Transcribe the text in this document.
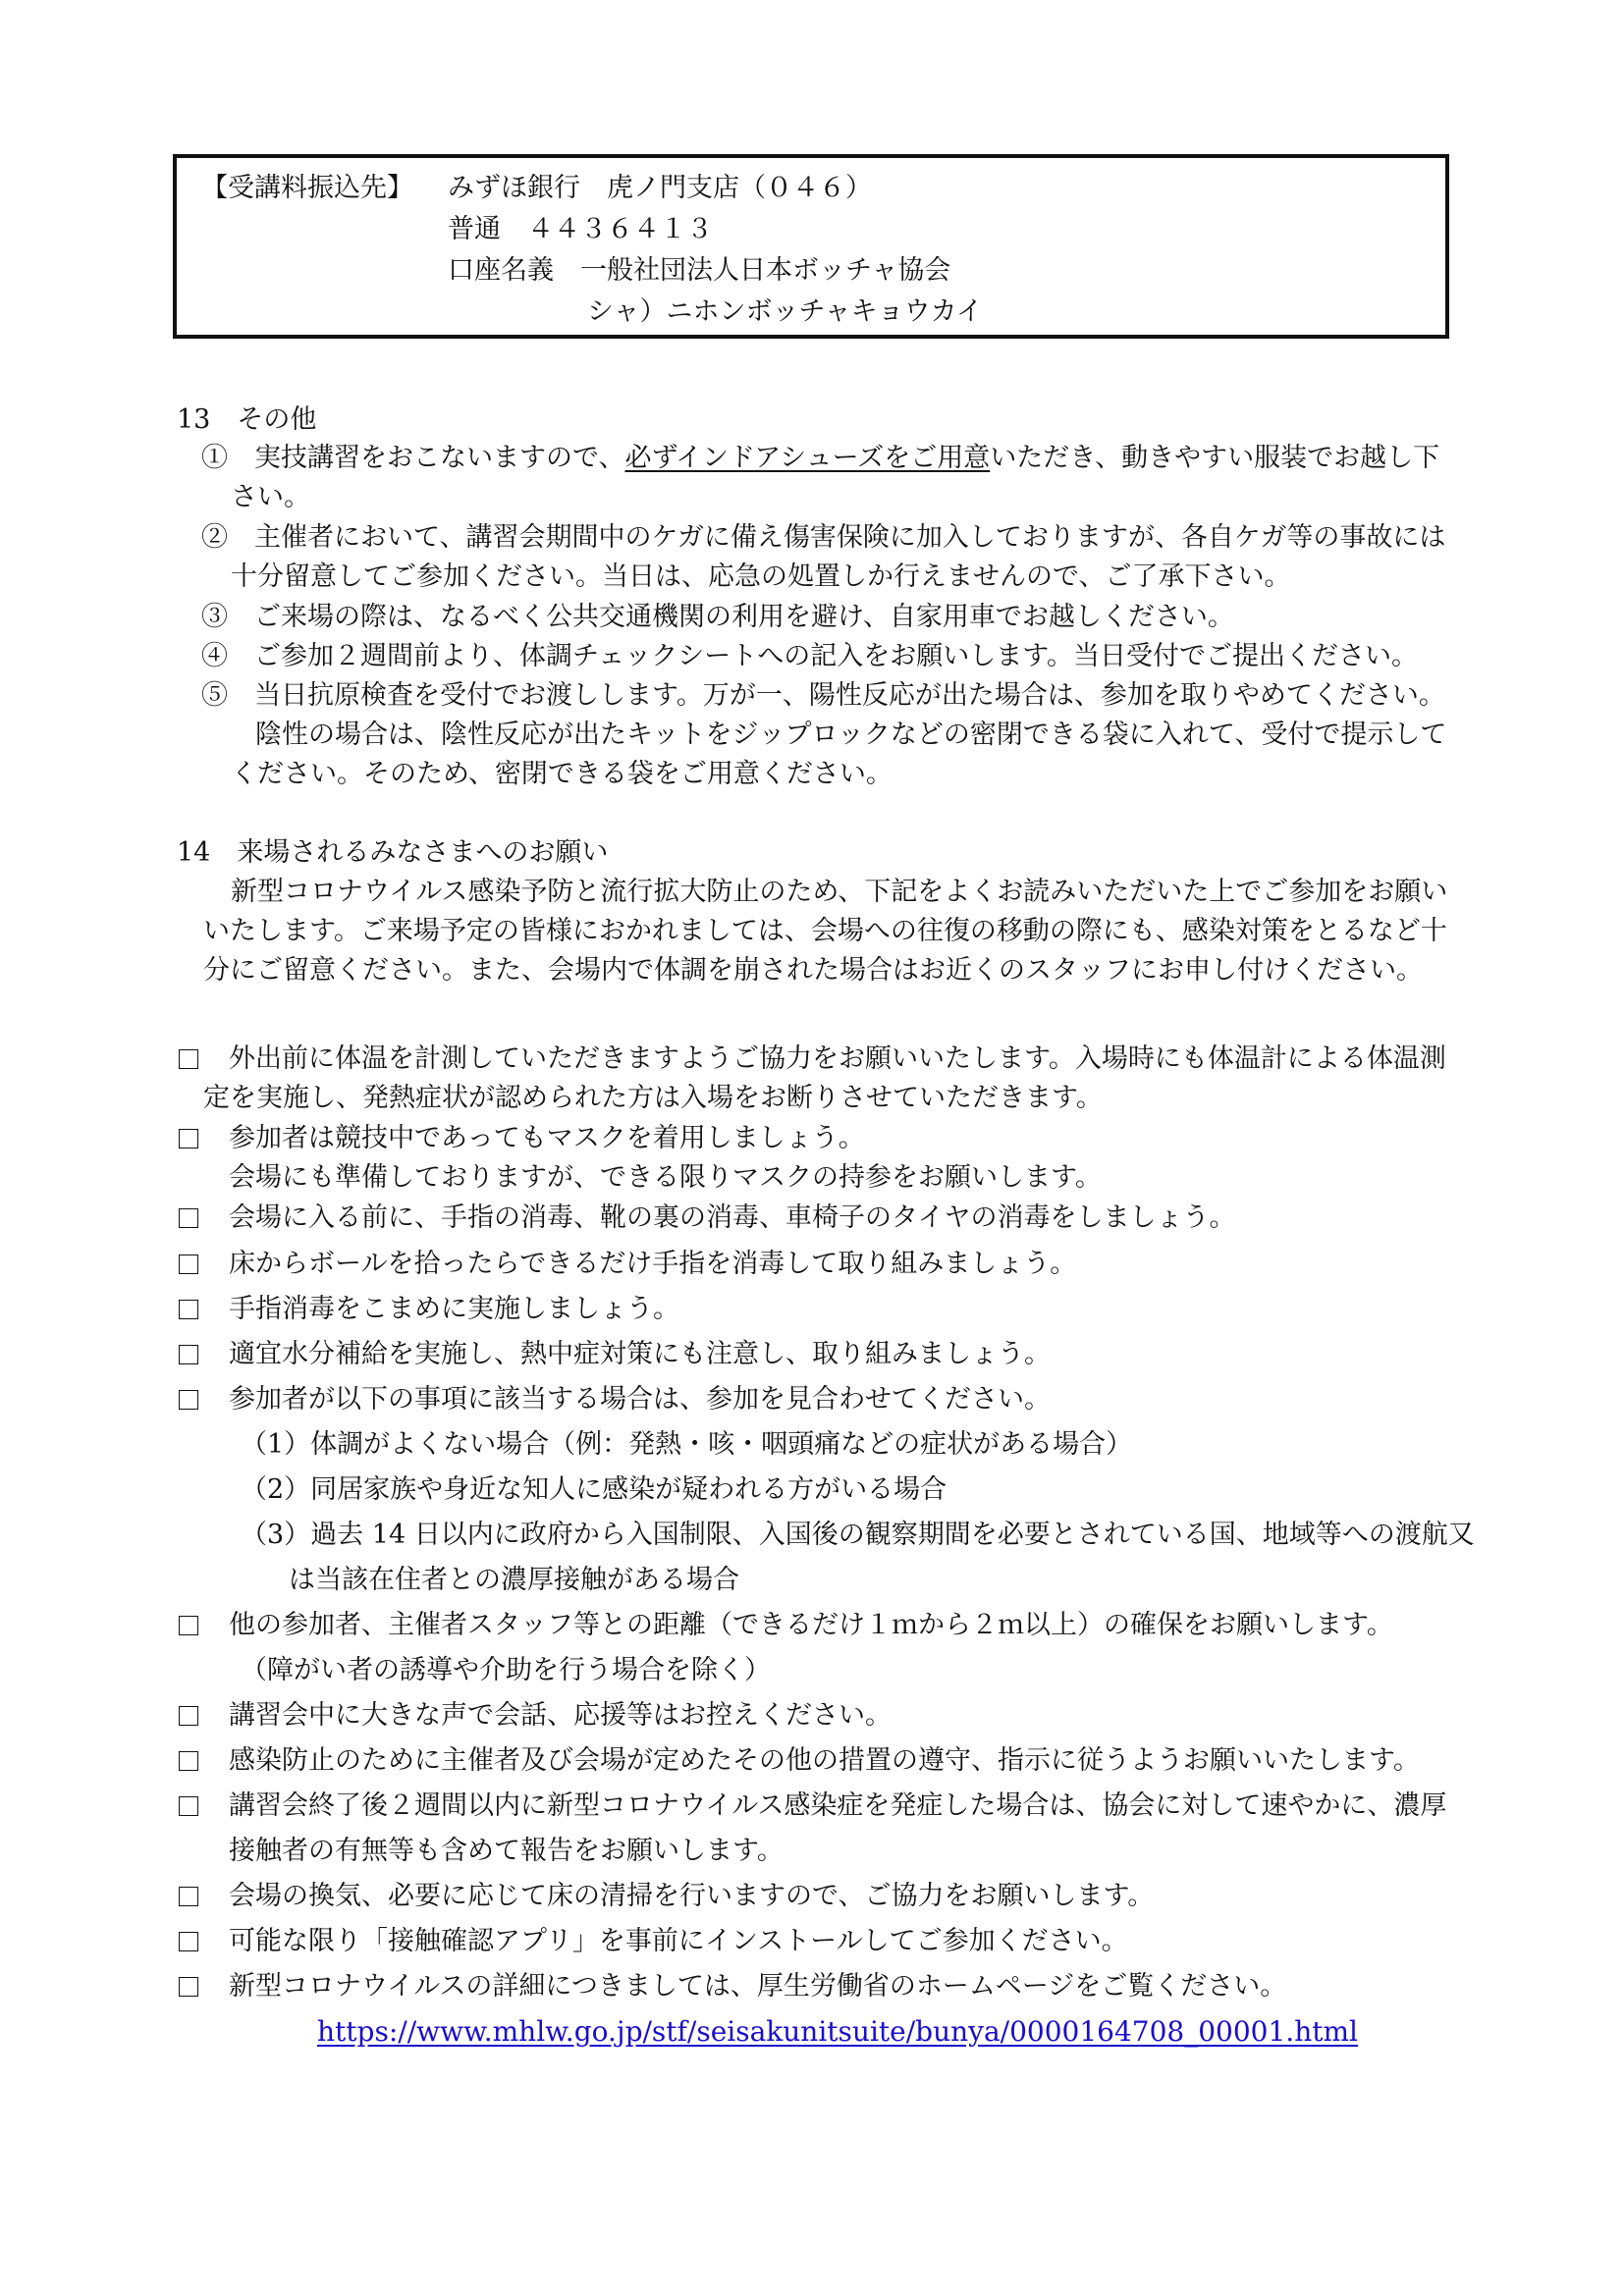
【受講料振込先】 みずほ銀行　虎ノ門支店（０４６）
普通　４４３６４１３
口座名義　一般社団法人日本ボッチャ協会
シャ）ニホンボッチャキョウカイ
13　その他
①　実技講習をおこないますので、必ずインドアシューズをご用意いただき、動きやすい服装でお越し下
さい。
②　主催者において、講習会期間中のケガに備え傷害保険に加入しておりますが、各自ケガ等の事故には
十分留意してご参加ください。当日は、応急の処置しか行えませんので、ご了承下さい。
③　ご来場の際は、なるべく公共交通機関の利用を避け、自家用車でお越しください。
④　ご参加２週間前より、体調チェックシートへの記入をお願いします。当日受付でご提出ください。
⑤　当日抗原検査を受付でお渡しします。万が一、陽性反応が出た場合は、参加を取りやめてください。
陰性の場合は、陰性反応が出たキットをジップロックなどの密閉できる袋に入れて、受付で提示して
ください。そのため、密閉できる袋をご用意ください。
14　来場されるみなさまへのお願い
新型コロナウイルス感染予防と流行拡大防止のため、下記をよくお読みいただいた上でご参加をお願い
いたします。ご来場予定の皆様におかれましては、会場への往復の移動の際にも、感染対策をとるなど十
分にご留意ください。また、会場内で体調を崩された場合はお近くのスタッフにお申し付けください。
外出前に体温を計測していただきますようご協力をお願いいたします。入場時にも体温計による体温測
定を実施し、発熱症状が認められた方は入場をお断りさせていただきます。
参加者は競技中であってもマスクを着用しましょう。
会場にも準備しておりますが、できる限りマスクの持参をお願いします。
会場に入る前に、手指の消毒、靴の裏の消毒、車椅子のタイヤの消毒をしましょう。
床からボールを拾ったらできるだけ手指を消毒して取り組みましょう。
手指消毒をこまめに実施しましょう。
適宜水分補給を実施し、熱中症対策にも注意し、取り組みましょう。
参加者が以下の事項に該当する場合は、参加を見合わせてください。
（1）体調がよくない場合（例：発熱・咳・咽頭痛などの症状がある場合）
（2）同居家族や身近な知人に感染が疑われる方がいる場合
（3）過去 14 日以内に政府から入国制限、入国後の観察期間を必要とされている国、地域等への渡航又
は当該在住者との濃厚接触がある場合
他の参加者、主催者スタッフ等との距離（できるだけ１ｍから２ｍ以上）の確保をお願いします。
（障がい者の誘導や介助を行う場合を除く）
講習会中に大きな声で会話、応援等はお控えください。
感染防止のために主催者及び会場が定めたその他の措置の遵守、指示に従うようお願いいたします。
講習会終了後２週間以内に新型コロナウイルス感染症を発症した場合は、協会に対して速やかに、濃厚
接触者の有無等も含めて報告をお願いします。
会場の換気、必要に応じて床の清掃を行いますので、ご協力をお願いします。
可能な限り「接触確認アプリ」を事前にインストールしてご参加ください。
新型コロナウイルスの詳細につきましては、厚生労働省のホームページをご覧ください。
https://www.mhlw.go.jp/stf/seisakunitsuite/bunya/0000164708_00001.html
